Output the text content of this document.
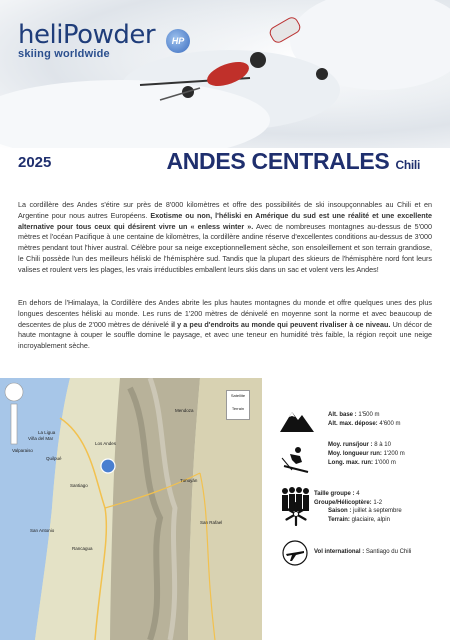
heliPowder
skiing worldwide
HP
2025	ANDES CENTRALES Chili
La cordillère des Andes s'étire sur près de 8'000 kilomètres et offre des possibilités de ski insoupçonnables au Chili et en Argentine pour nous autres Européens. Exotisme ou non, l'héliski en Amérique du sud est une réalité et une excellente alternative pour tous ceux qui désirent vivre un « enless winter ». Avec de nombreuses montagnes au-dessus de 5'000 mètres et l'océan Pacifique à une centaine de kilomètres, la cordillère andine réserve d'excellentes conditions au-dessus de 3'000 mètres pendant tout l'hiver austral. Célèbre pour sa neige exceptionnellement sèche, son ensoleillement et son terrain grandiose, le Chili possède l'un des meilleurs héliski de l'hémisphère sud. Tandis que la plupart des skieurs de l'hémisphère nord font leurs valises et roulent vers les plages, les vrais irréductibles emballent leurs skis dans un sac et volent vers les Andes!
En dehors de l'Himalaya, la Cordillère des Andes abrite les plus hautes montagnes du monde et offre quelques unes des plus longues descentes héliski au monde. Les runs de 1'200 mètres de dénivelé en moyenne sont la norme et avec beaucoup de descentes de plus de 2'000 mètres de dénivelé il y a peu d'endroits au monde qui peuvent rivaliser à ce niveau. Un décor de haute montagne à couper le souffle domine le paysage, et avec une teneur en humidité très faible, la région reçoit une neige incroyablement sèche.
Satellite
Terrain
La Ligua
Los Andes
Valparaiso
Viña del Mar
Quilpué
Santiago
San Antonio
Rancagua
Mendoza
Tunuyán
San Rafael
Alt. base : 1'500 m
Alt. max. dépose: 4'600 m
Moy. runs/jour : 8 à 10
Moy. longueur run: 1'200 m
Long. max. run: 1'000 m
Taille groupe : 4
Groupe/Hélicoptère: 1-2
Saison : juillet à septembre
Terrain: glaciaire, alpin
Vol international : Santiago du Chili
